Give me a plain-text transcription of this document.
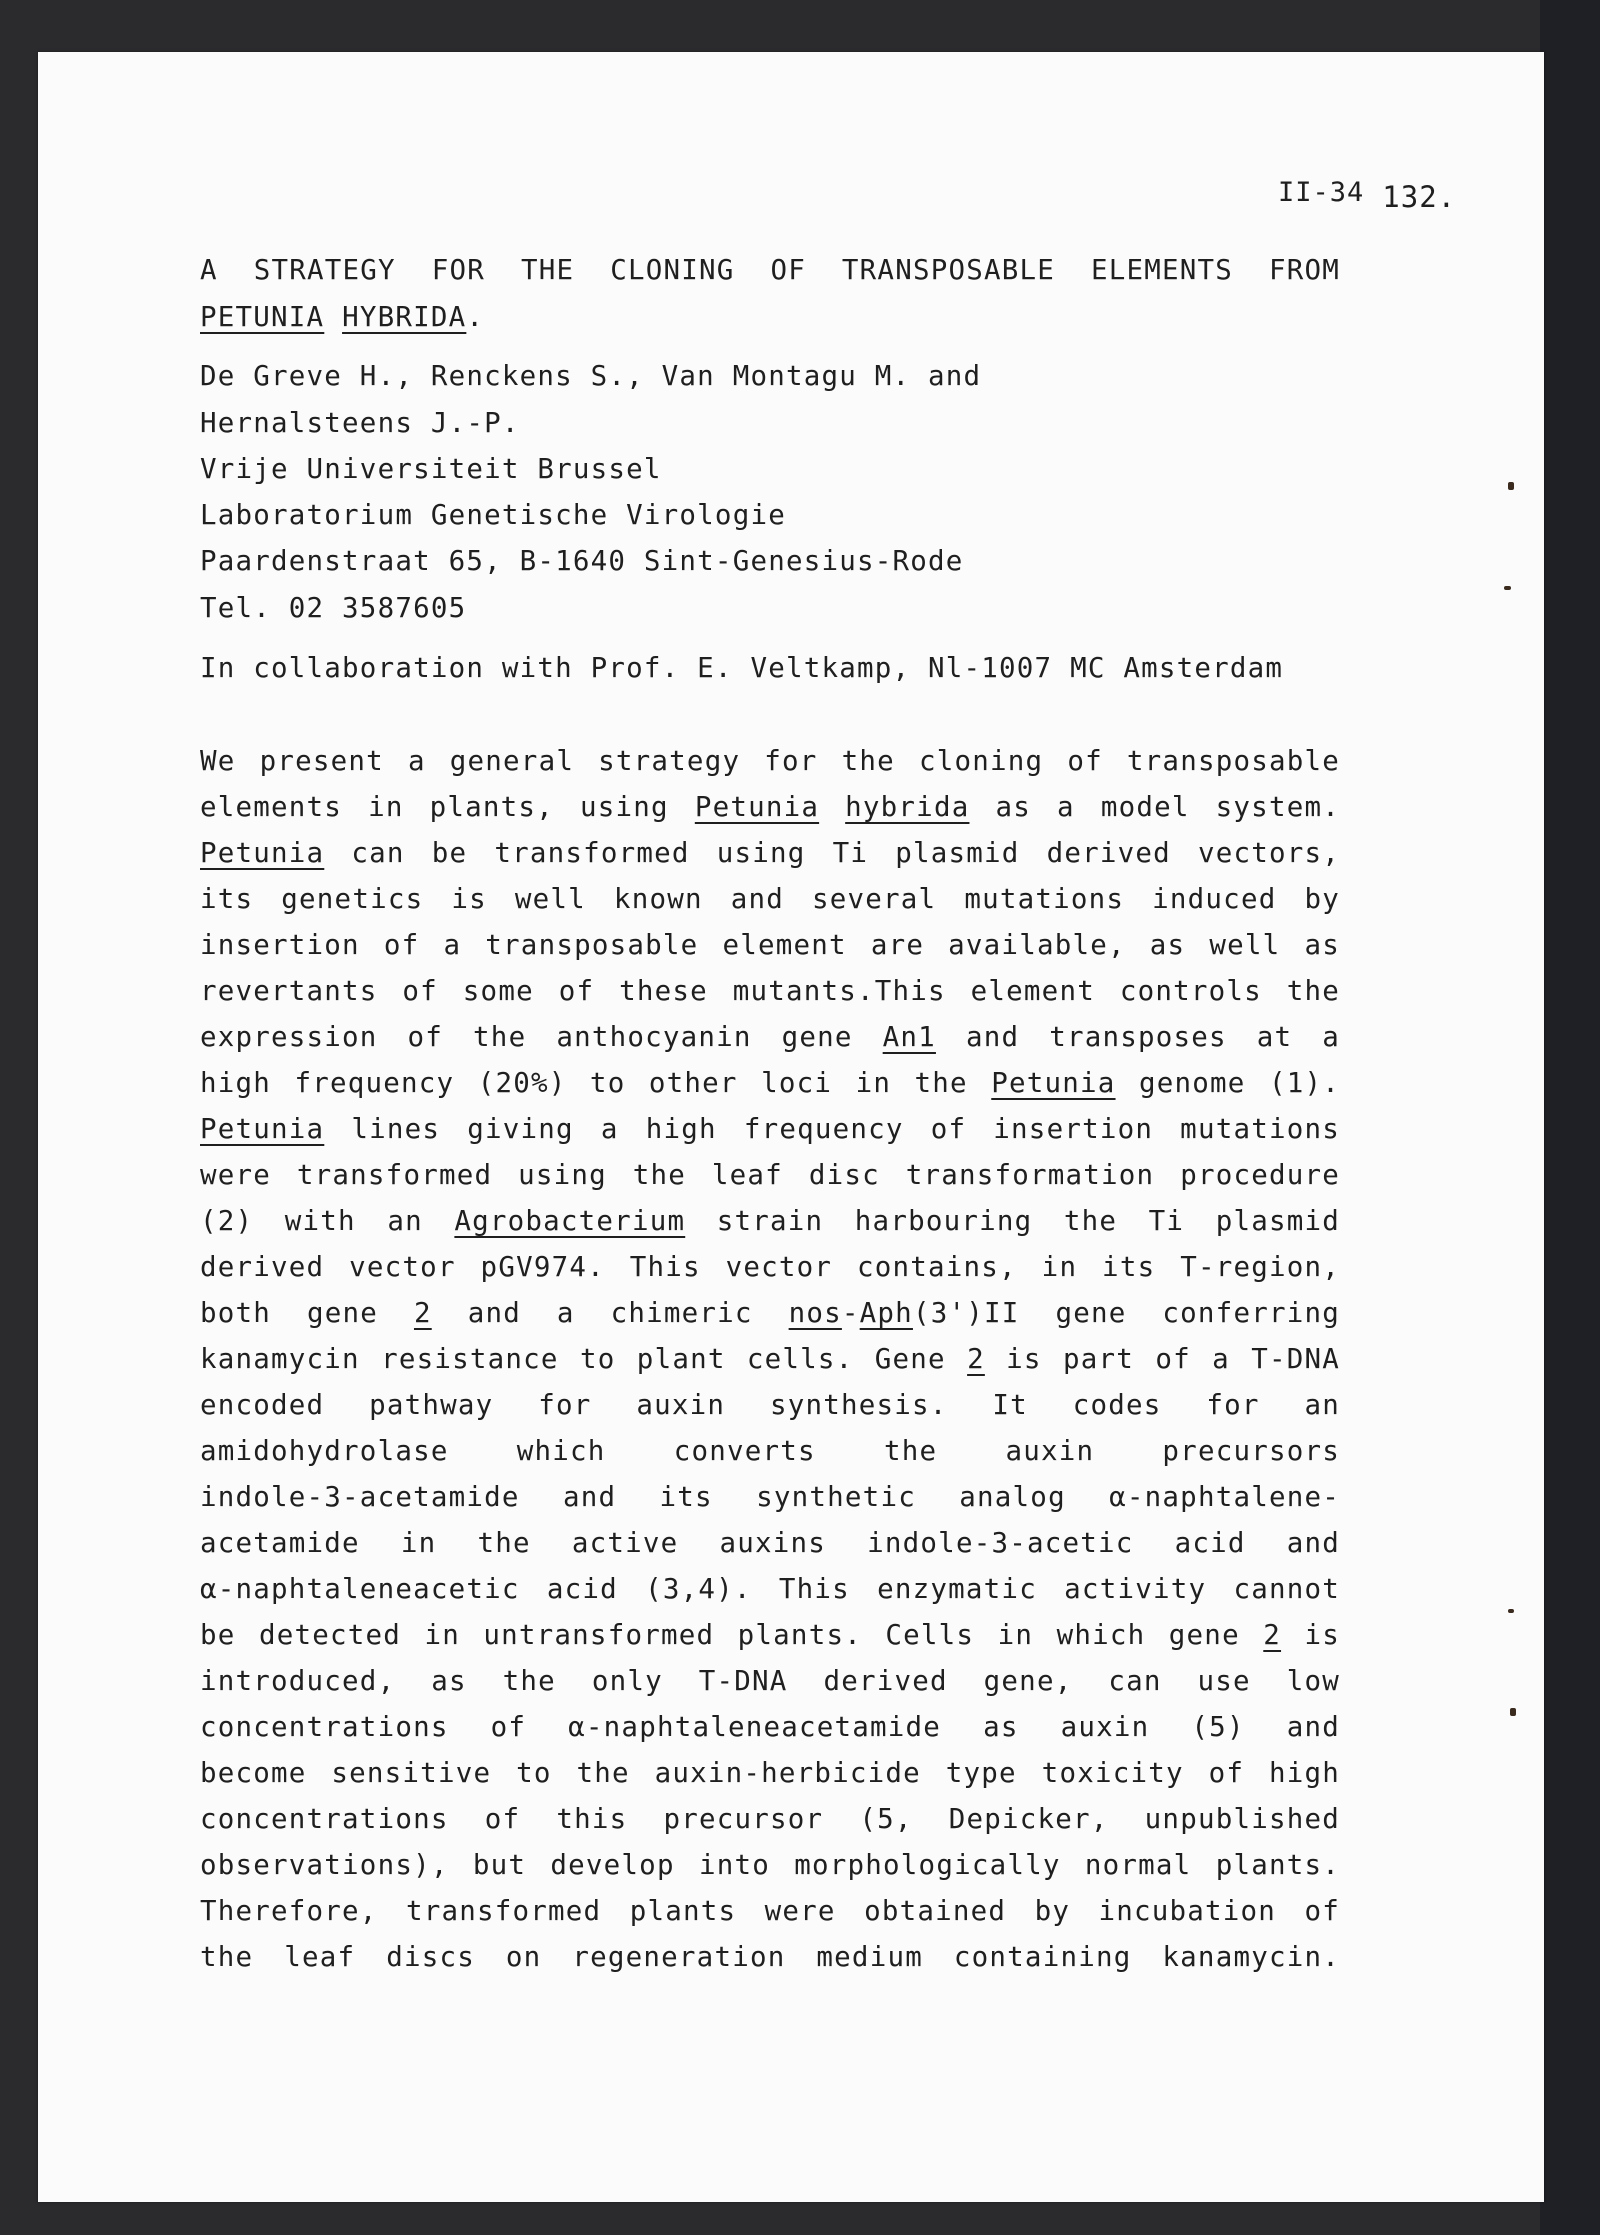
II-34 132.
A STRATEGY FOR THE CLONING OF TRANSPOSABLE ELEMENTS FROM
PETUNIA HYBRIDA.
De Greve H., Renckens S., Van Montagu M. and
Hernalsteens J.-P.
Vrije Universiteit Brussel
Laboratorium Genetische Virologie
Paardenstraat 65, B-1640 Sint-Genesius-Rode
Tel. 02 3587605
In collaboration with Prof. E. Veltkamp, Nl-1007 MC Amsterdam
We present a general strategy for the cloning of transposable
elements in plants, using Petunia hybrida as a model system.
Petunia can be transformed using Ti plasmid derived vectors,
its genetics is well known and several mutations induced by
insertion of a transposable element are available, as well as
revertants of some of these mutants.This element controls the
expression of the anthocyanin gene An1 and transposes at a
high frequency (20%) to other loci in the Petunia genome (1).
Petunia lines giving a high frequency of insertion mutations
were transformed using the leaf disc transformation procedure
(2) with an Agrobacterium strain harbouring the Ti plasmid
derived vector pGV974. This vector contains, in its T-region,
both gene 2 and a chimeric nos-Aph(3')II gene conferring
kanamycin resistance to plant cells. Gene 2 is part of a T-DNA
encoded pathway for auxin synthesis. It codes for an
amidohydrolase which converts the auxin precursors
indole-3-acetamide and its synthetic analog α-naphtalene-
acetamide in the active auxins indole-3-acetic acid and
α-naphtaleneacetic acid (3,4). This enzymatic activity cannot
be detected in untransformed plants. Cells in which gene 2 is
introduced, as the only T-DNA derived gene, can use low
concentrations of α-naphtaleneacetamide as auxin (5) and
become sensitive to the auxin-herbicide type toxicity of high
concentrations of this precursor (5, Depicker, unpublished
observations), but develop into morphologically normal plants.
Therefore, transformed plants were obtained by incubation of
the leaf discs on regeneration medium containing kanamycin.
